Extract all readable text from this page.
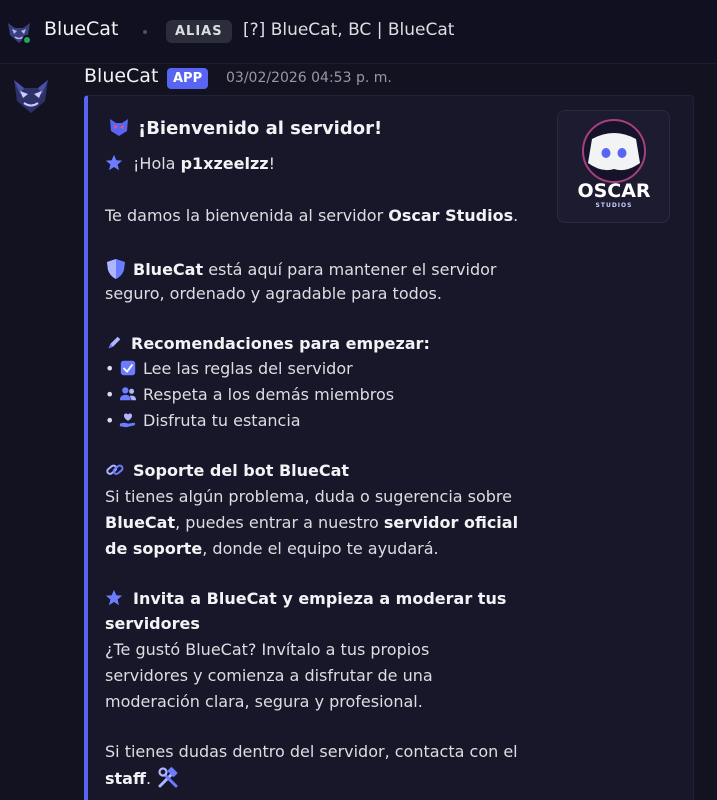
BlueCat	ALIAS	[?] BlueCat, BC | BlueCat
BlueCat	APP	03/02/2026 04:53 p. m.
OSCAR
STUDIOS
¡Bienvenido al servidor!
¡Hola p1xzeelzz!
Te damos la bienvenida al servidor Oscar Studios.
BlueCat está aquí para mantener el servidor
seguro, ordenado y agradable para todos.
Recomendaciones para empezar:
• Lee las reglas del servidor
• Respeta a los demás miembros
• Disfruta tu estancia
Soporte del bot BlueCat
Si tienes algún problema, duda o sugerencia sobre
BlueCat, puedes entrar a nuestro servidor oficial
de soporte, donde el equipo te ayudará.
Invita a BlueCat y empieza a moderar tus
servidores
¿Te gustó BlueCat? Invítalo a tus propios
servidores y comienza a disfrutar de una
moderación clara, segura y profesional.
Si tienes dudas dentro del servidor, contacta con el
staff.
